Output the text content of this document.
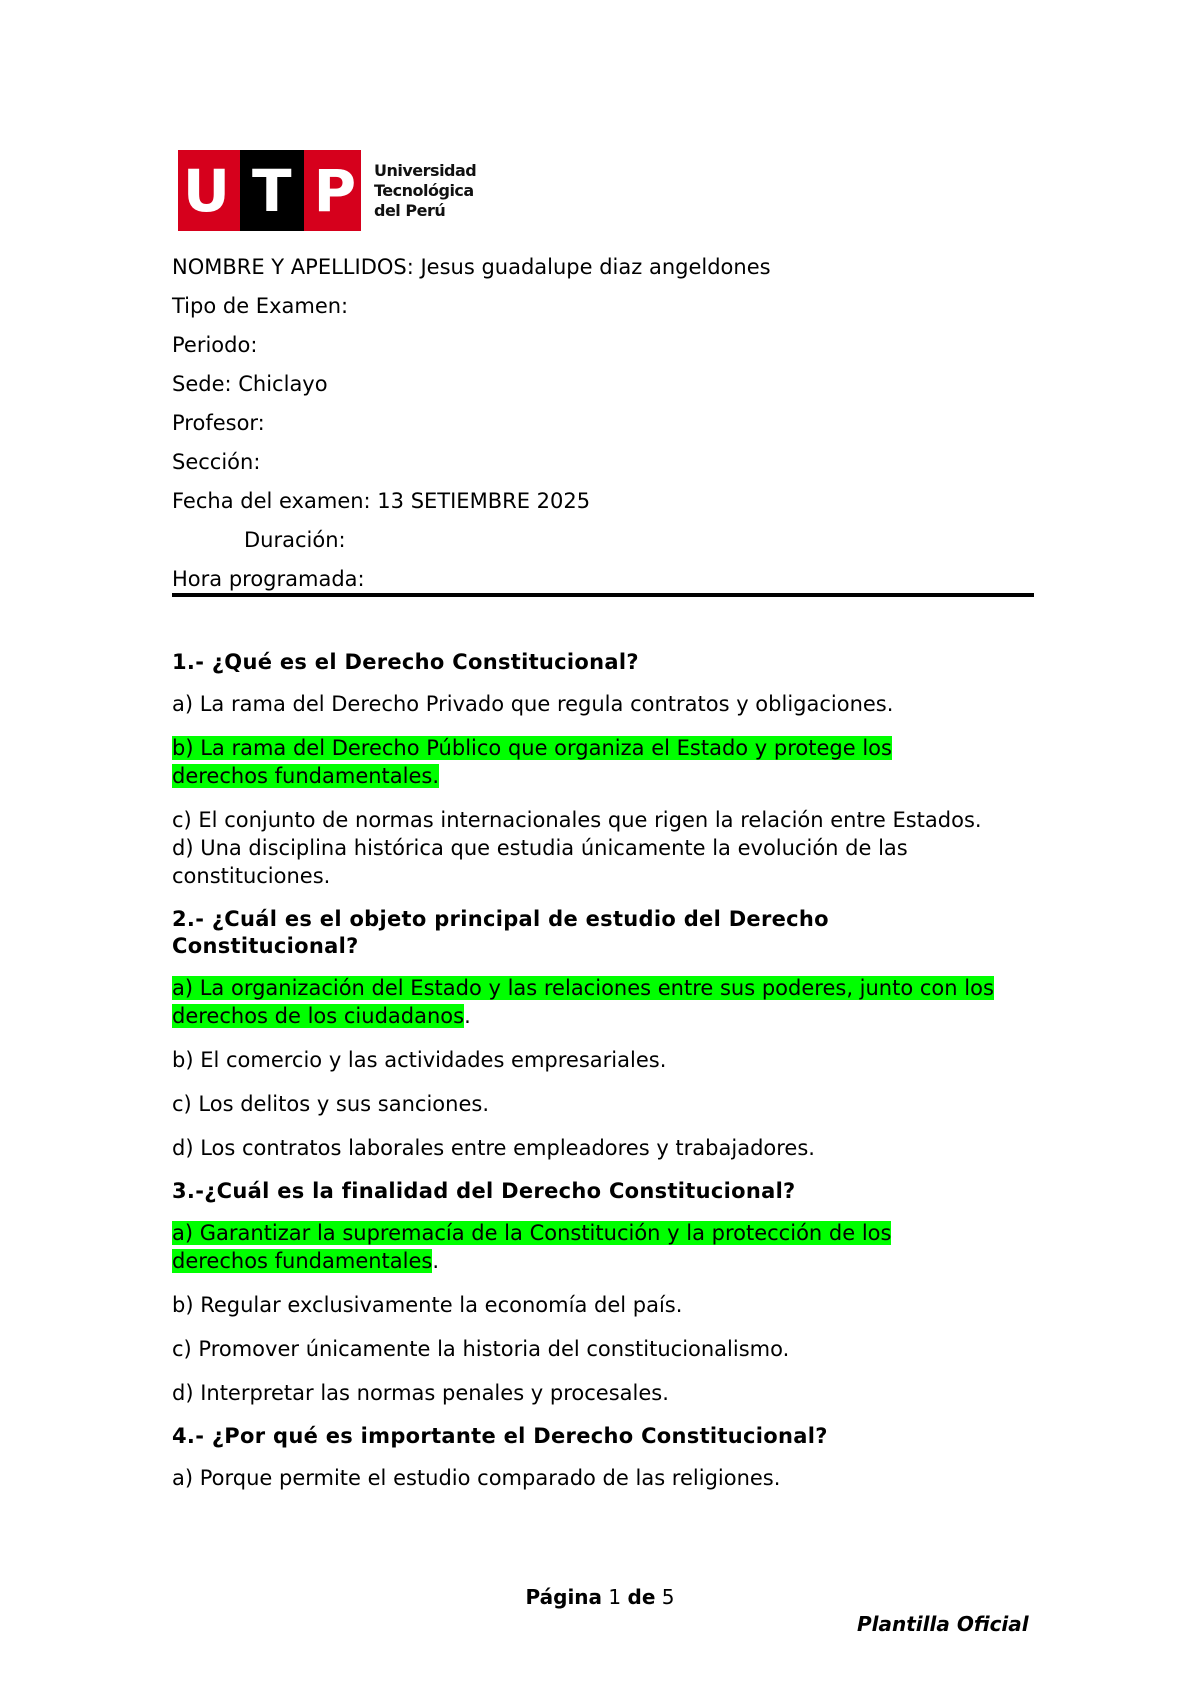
U T P Universidad
Tecnológica
del Perú
NOMBRE Y APELLIDOS: Jesus guadalupe diaz angeldones
Tipo de Examen:
Periodo:
Sede: Chiclayo
Profesor:
Sección:
Fecha del examen: 13 SETIEMBRE 2025
Duración:
Hora programada:

1.- ¿Qué es el Derecho Constitucional?

a) La rama del Derecho Privado que regula contratos y obligaciones.

b) La rama del Derecho Público que organiza el Estado y protege los derechos fundamentales.

c) El conjunto de normas internacionales que rigen la relación entre Estados.

d) Una disciplina histórica que estudia únicamente la evolución de las constituciones.

2.- ¿Cuál es el objeto principal de estudio del Derecho Constitucional?

a) La organización del Estado y las relaciones entre sus poderes, junto con los derechos de los ciudadanos.

b) El comercio y las actividades empresariales.

c) Los delitos y sus sanciones.

d) Los contratos laborales entre empleadores y trabajadores.

3.-¿Cuál es la finalidad del Derecho Constitucional?

a) Garantizar la supremacía de la Constitución y la protección de los derechos fundamentales.

b) Regular exclusivamente la economía del país.

c) Promover únicamente la historia del constitucionalismo.

d) Interpretar las normas penales y procesales.

4.- ¿Por qué es importante el Derecho Constitucional?

a) Porque permite el estudio comparado de las religiones.

Página 1 de 5
Plantilla Oficial
